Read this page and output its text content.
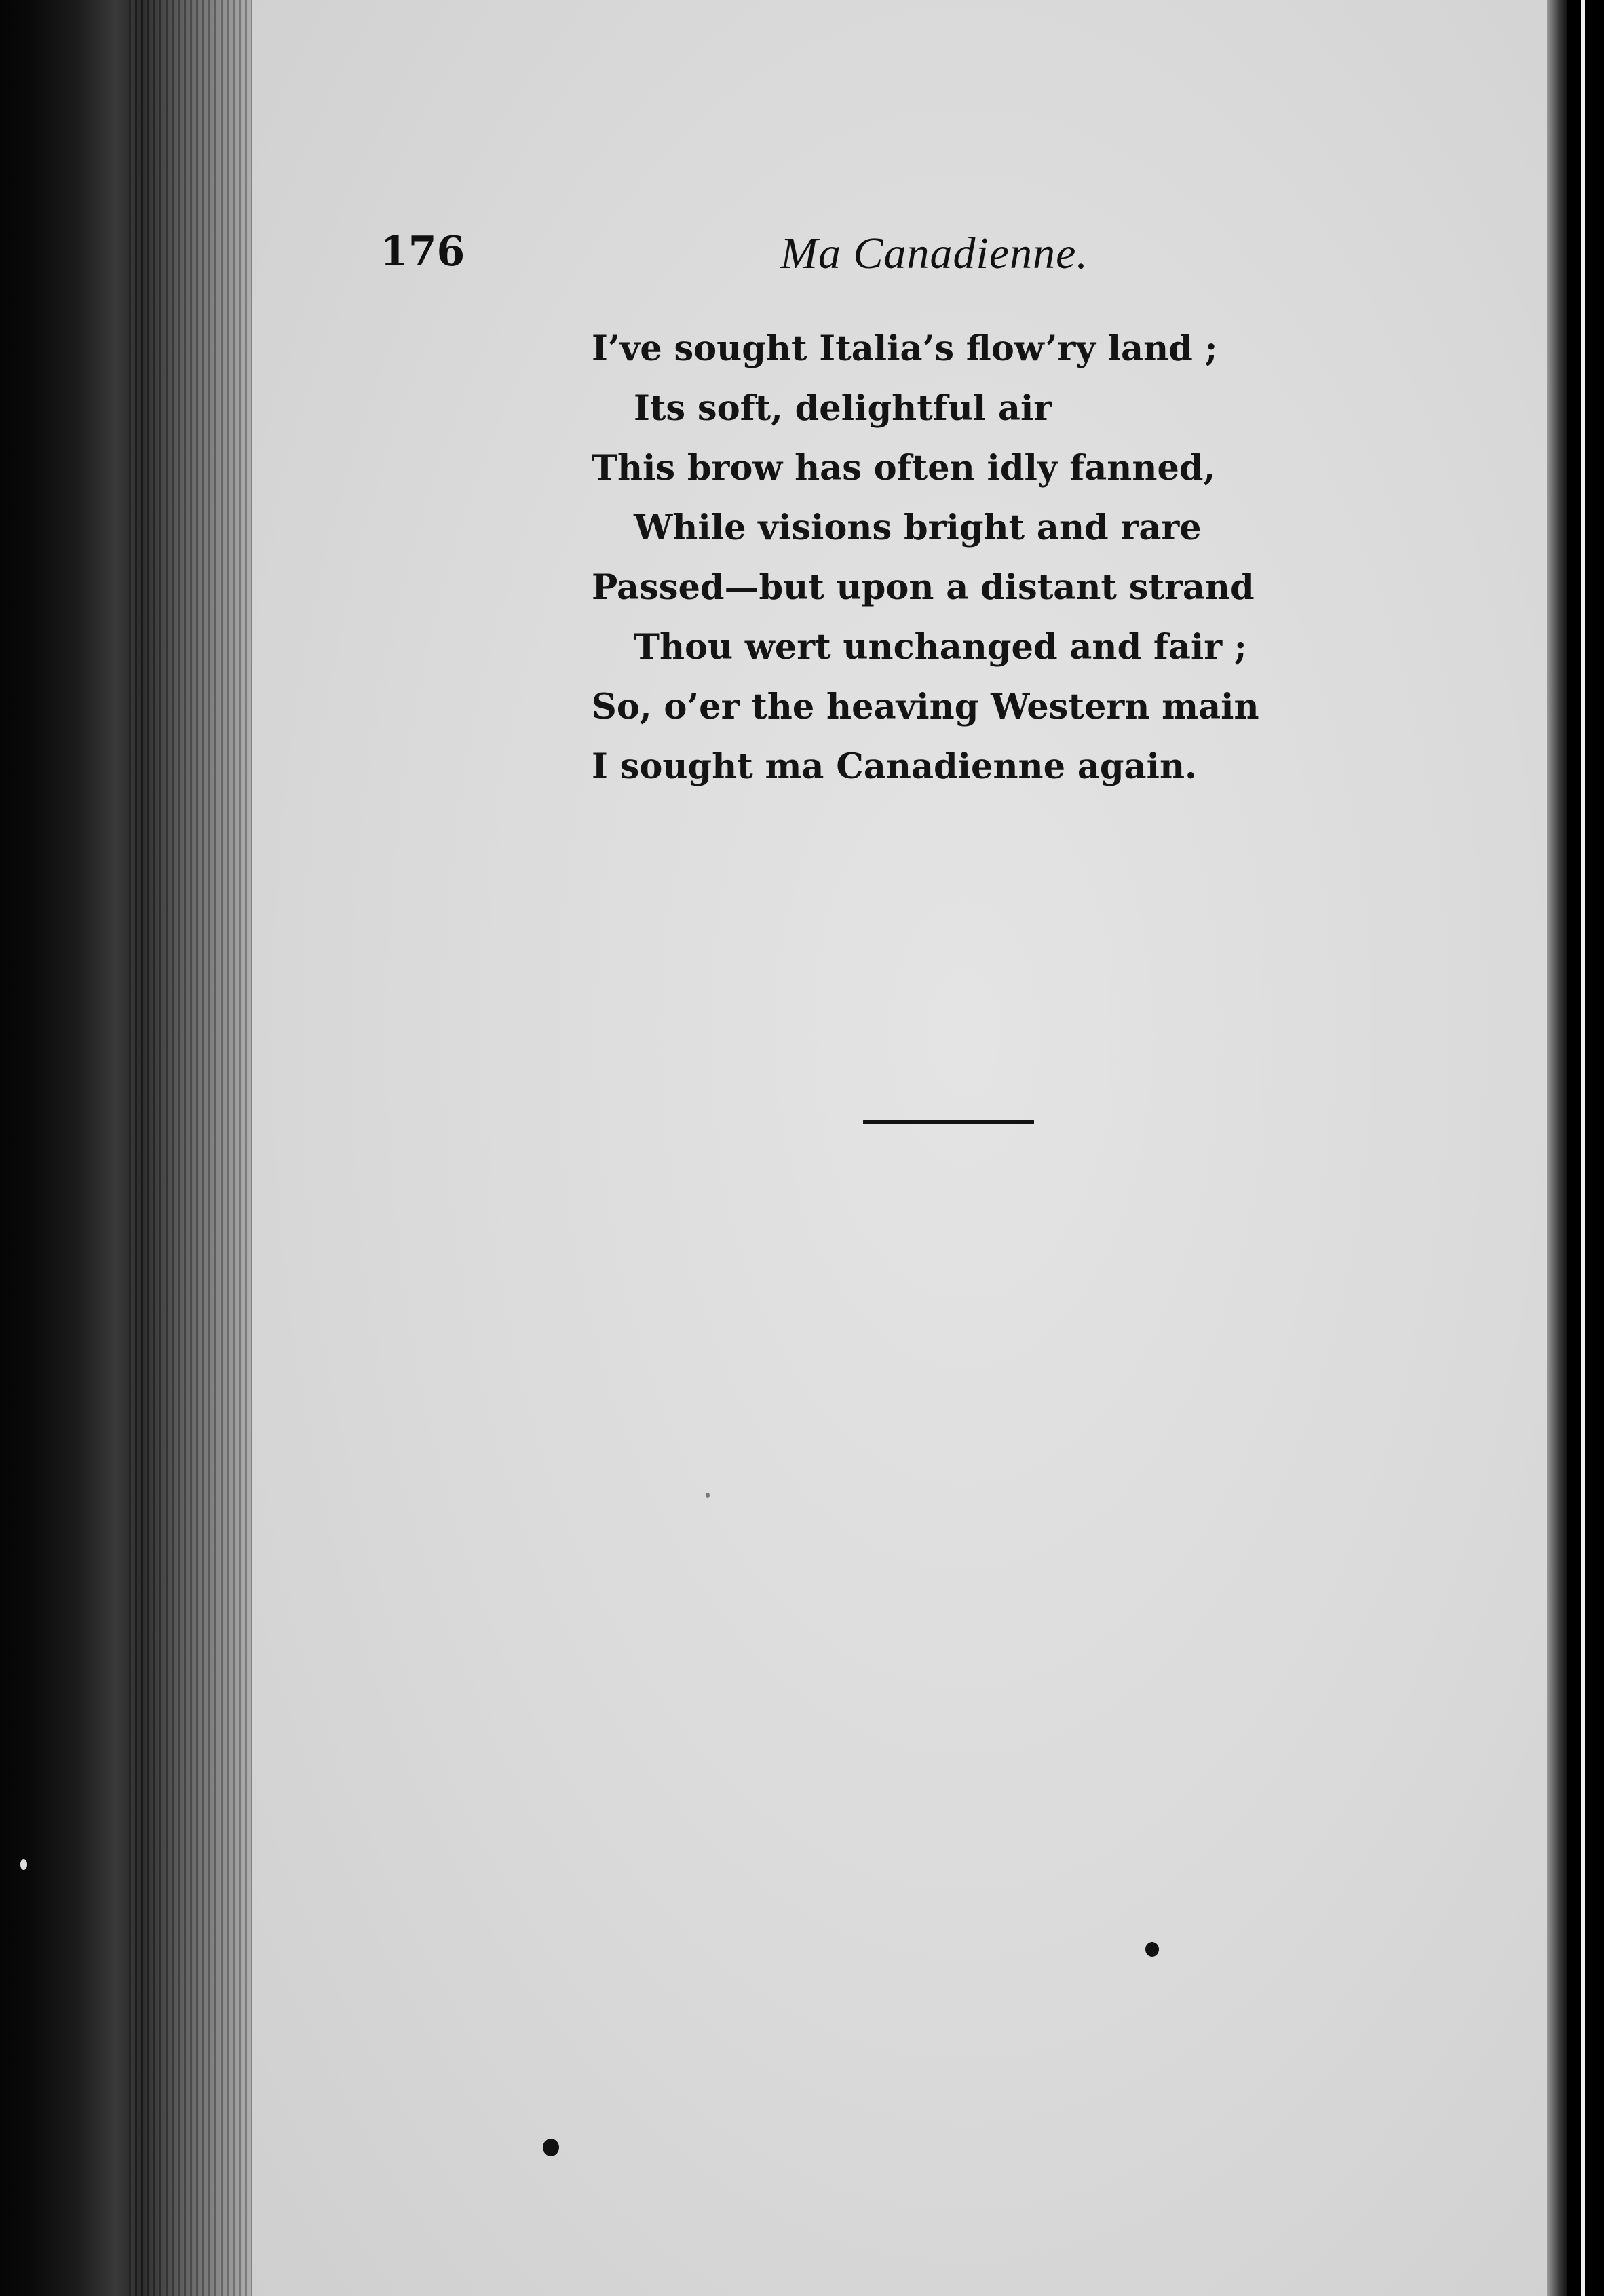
176	Ma Canadienne.
I’ve sought Italia’s flow’ry land ;
Its soft, delightful air
This brow has often idly fanned,
While visions bright and rare
Passed—but upon a distant strand
Thou wert unchanged and fair ;
So, o’er the heaving Western main
I sought ma Canadienne again.
